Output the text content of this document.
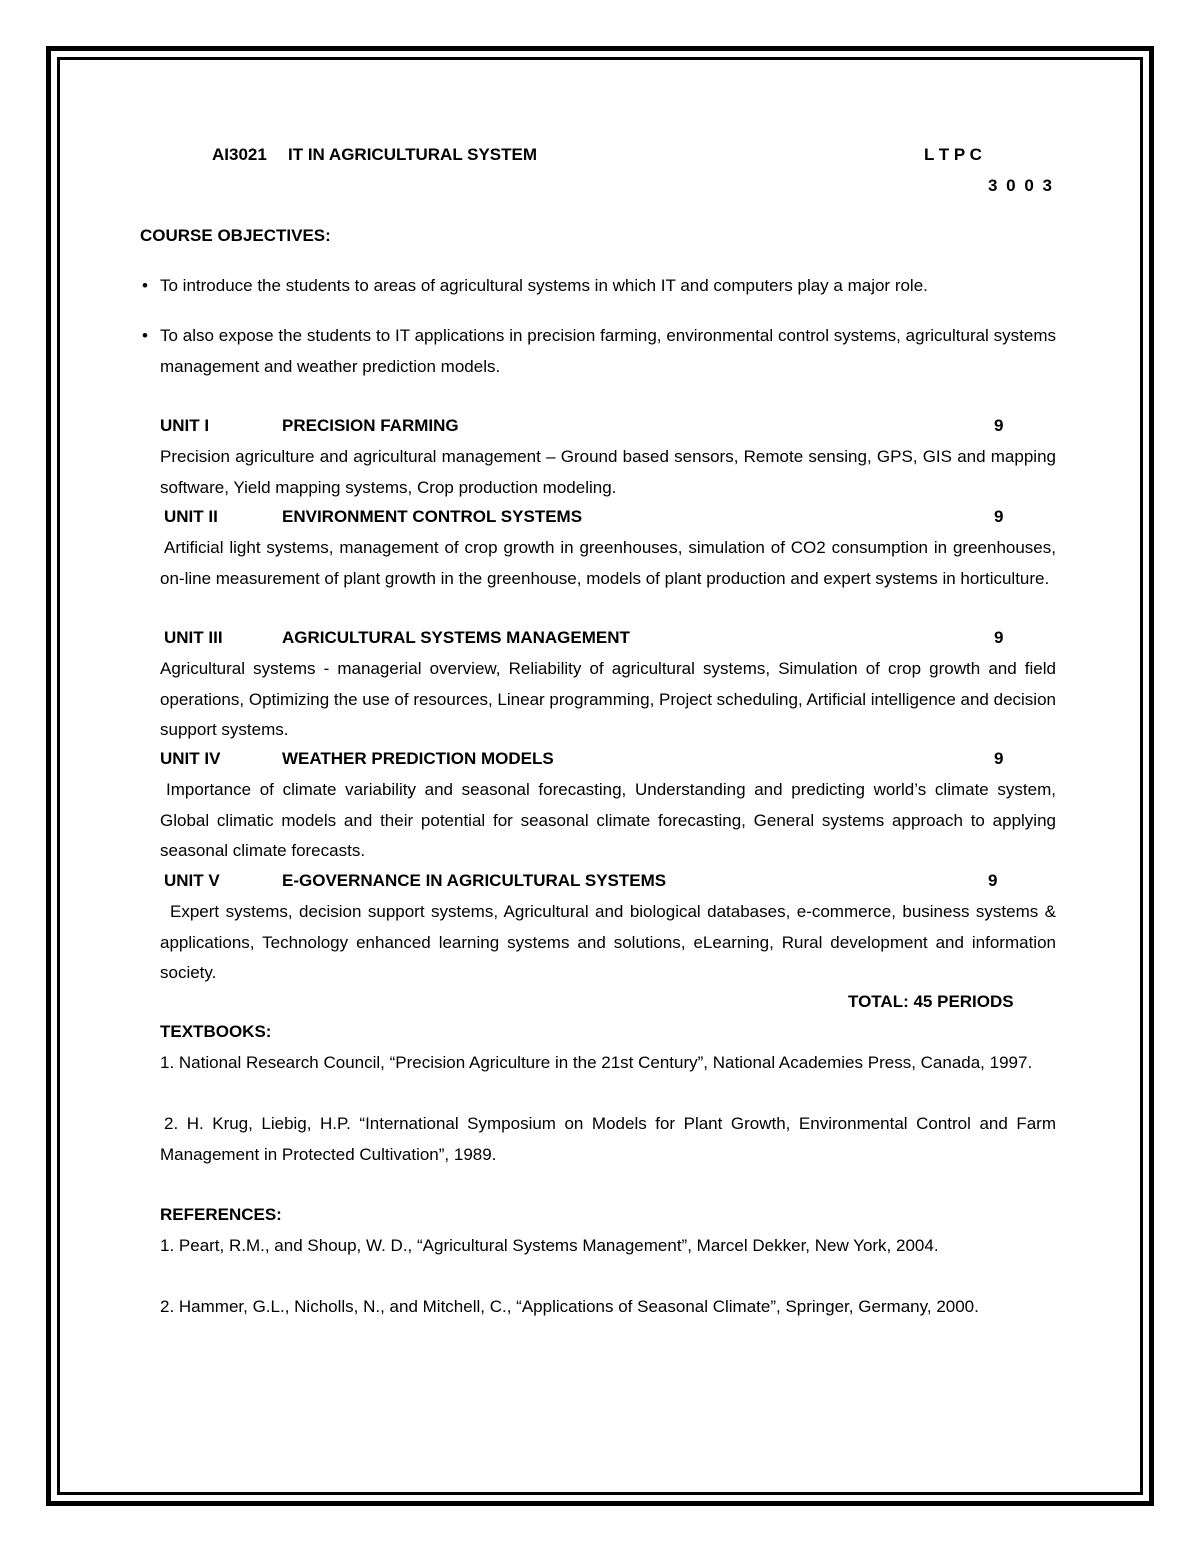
AI3021 IT IN AGRICULTURAL SYSTEM	L T P C
3 0 0 3
COURSE OBJECTIVES:
• To introduce the students to areas of agricultural systems in which IT and computers play a major role.
• To also expose the students to IT applications in precision farming, environmental control systems, agricultural systems management and weather prediction models.
UNIT I	PRECISION FARMING	9
Precision agriculture and agricultural management – Ground based sensors, Remote sensing, GPS, GIS and mapping software, Yield mapping systems, Crop production modeling.
UNIT II	ENVIRONMENT CONTROL SYSTEMS	9
Artificial light systems, management of crop growth in greenhouses, simulation of CO2 consumption in greenhouses, on-line measurement of plant growth in the greenhouse, models of plant production and expert systems in horticulture.
UNIT III	AGRICULTURAL SYSTEMS MANAGEMENT	9
Agricultural systems - managerial overview, Reliability of agricultural systems, Simulation of crop growth and field operations, Optimizing the use of resources, Linear programming, Project scheduling, Artificial intelligence and decision support systems.
UNIT IV	WEATHER PREDICTION MODELS	9
Importance of climate variability and seasonal forecasting, Understanding and predicting world’s climate system, Global climatic models and their potential for seasonal climate forecasting, General systems approach to applying seasonal climate forecasts.
UNIT V	E-GOVERNANCE IN AGRICULTURAL SYSTEMS	9
Expert systems, decision support systems, Agricultural and biological databases, e-commerce, business systems & applications, Technology enhanced learning systems and solutions, eLearning, Rural development and information society.
TOTAL: 45 PERIODS
TEXTBOOKS:
1. National Research Council, “Precision Agriculture in the 21st Century”, National Academies Press, Canada, 1997.
2. H. Krug, Liebig, H.P. “International Symposium on Models for Plant Growth, Environmental Control and Farm Management in Protected Cultivation”, 1989.
REFERENCES:
1. Peart, R.M., and Shoup, W. D., “Agricultural Systems Management”, Marcel Dekker, New York, 2004.
2. Hammer, G.L., Nicholls, N., and Mitchell, C., “Applications of Seasonal Climate”, Springer, Germany, 2000.
